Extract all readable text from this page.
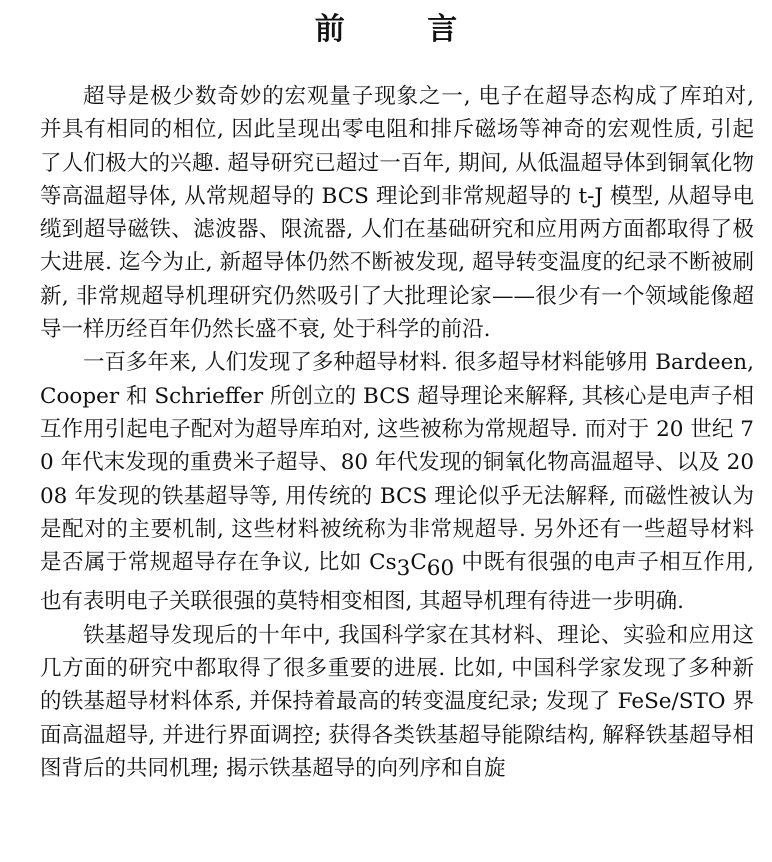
前 言

超导是极少数奇妙的宏观量子现象之一, 电子在超导态构成了库珀对, 并具有相同的相位, 因此呈现出零电阻和排斥磁场等神奇的宏观性质, 引起了人们极大的兴趣. 超导研究已超过一百年, 期间, 从低温超导体到铜氧化物等高温超导体, 从常规超导的 BCS 理论到非常规超导的 t-J 模型, 从超导电缆到超导磁铁、滤波器、限流器, 人们在基础研究和应用两方面都取得了极大进展. 迄今为止, 新超导体仍然不断被发现, 超导转变温度的纪录不断被刷新, 非常规超导机理研究仍然吸引了大批理论家——很少有一个领域能像超导一样历经百年仍然长盛不衰, 处于科学的前沿.

一百多年来, 人们发现了多种超导材料. 很多超导材料能够用 Bardeen, Cooper 和 Schrieffer 所创立的 BCS 超导理论来解释, 其核心是电声子相互作用引起电子配对为超导库珀对, 这些被称为常规超导. 而对于 20 世纪 70 年代末发现的重费米子超导、80 年代发现的铜氧化物高温超导、以及 2008 年发现的铁基超导等, 用传统的 BCS 理论似乎无法解释, 而磁性被认为是配对的主要机制, 这些材料被统称为非常规超导. 另外还有一些超导材料是否属于常规超导存在争议, 比如 Cs3C60 中既有很强的电声子相互作用, 也有表明电子关联很强的莫特相变相图, 其超导机理有待进一步明确.

铁基超导发现后的十年中, 我国科学家在其材料、理论、实验和应用这几方面的研究中都取得了很多重要的进展. 比如, 中国科学家发现了多种新的铁基超导材料体系, 并保持着最高的转变温度纪录; 发现了 FeSe/STO 界面高温超导, 并进行界面调控; 获得各类铁基超导能隙结构, 解释铁基超导相图背后的共同机理; 揭示铁基超导的向列序和自旋
